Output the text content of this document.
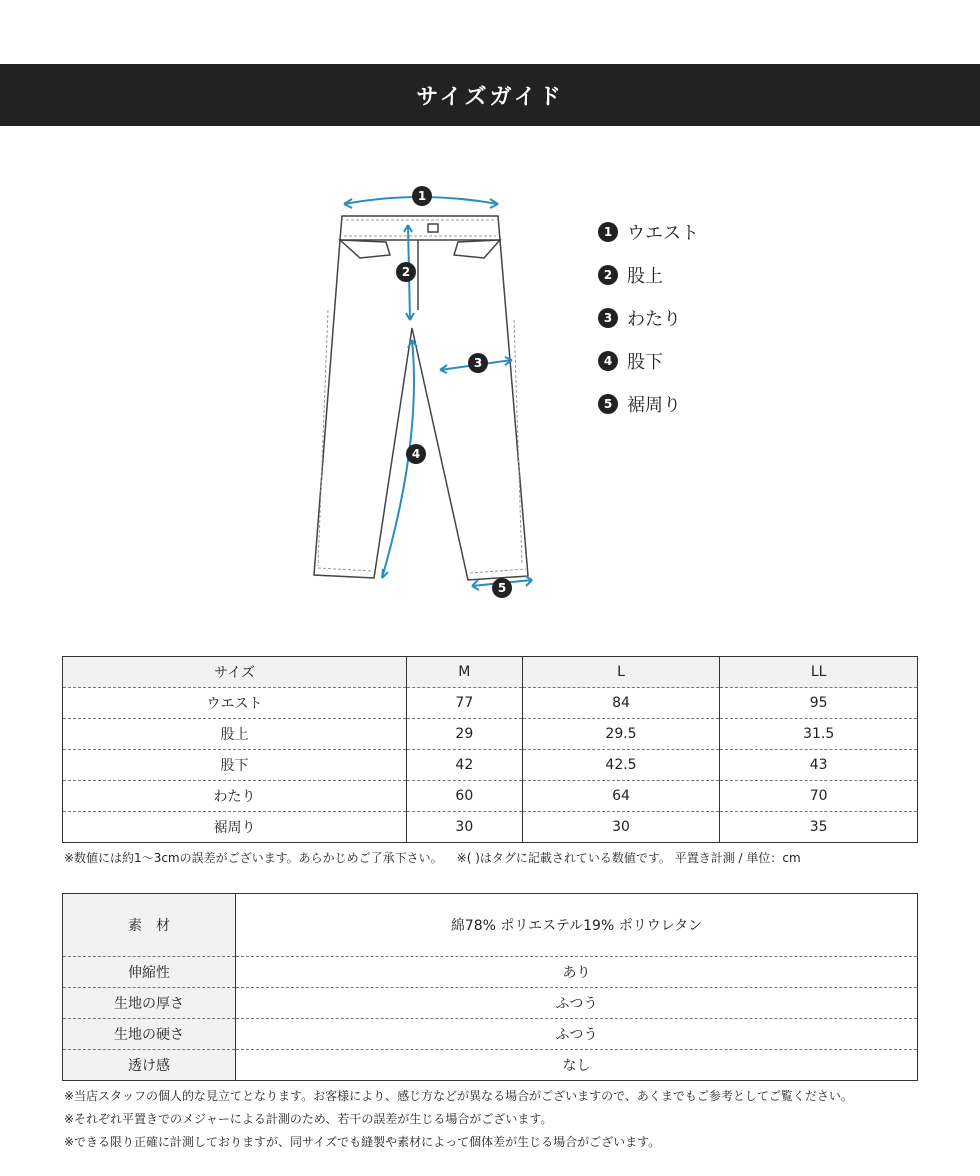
サイズガイド
1
2
3
4
5
1 ウエスト
2 股上
3 わたり
4 股下
5 裾周り
サイズ	M	L	LL
ウエスト	77	84	95
股上	29	29.5	31.5
股下	42	42.5	43
わたり	60	64	70
裾周り	30	30	35
※数値には約1～3cmの誤差がございます。あらかじめご了承下さい。 ※( )はタグに記載されている数値です。 平置き計測 / 単位：cm
素　材	綿78% ポリエステル19% ポリウレタン
伸縮性	あり
生地の厚さ	ふつう
生地の硬さ	ふつう
透け感	なし
※当店スタッフの個人的な見立てとなります。お客様により、感じ方などが異なる場合がございますので、あくまでもご参考としてご覧ください。
※それぞれ平置きでのメジャーによる計測のため、若干の誤差が生じる場合がございます。
※できる限り正確に計測しておりますが、同サイズでも縫製や素材によって個体差が生じる場合がございます。
